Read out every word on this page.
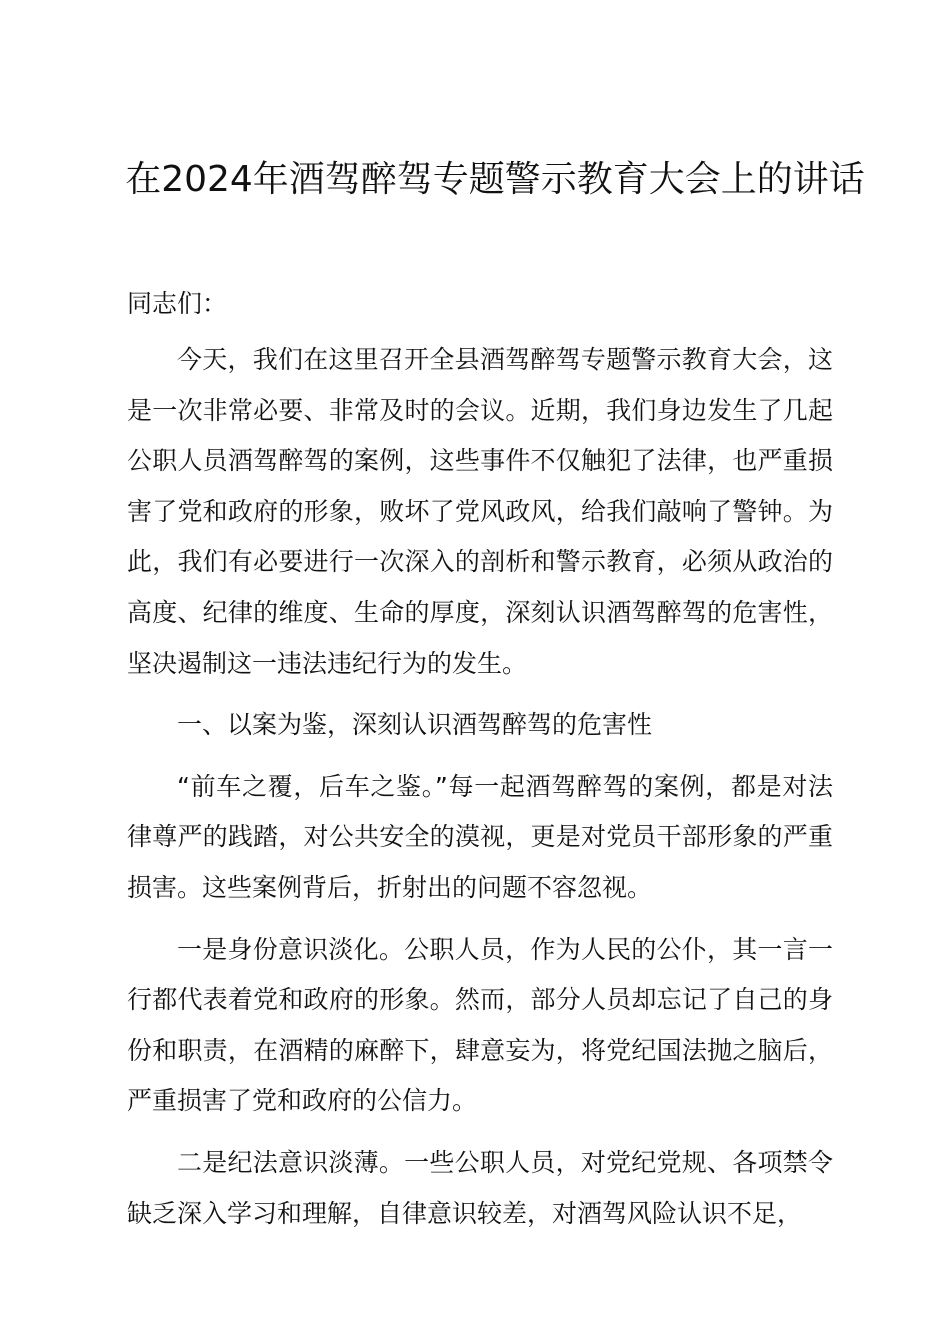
在2024年酒驾醉驾专题警示教育大会上的讲话

同志们：

今天，我们在这里召开全县酒驾醉驾专题警示教育大会，这是一次非常必要、非常及时的会议。近期，我们身边发生了几起公职人员酒驾醉驾的案例，这些事件不仅触犯了法律，也严重损害了党和政府的形象，败坏了党风政风，给我们敲响了警钟。为此，我们有必要进行一次深入的剖析和警示教育，必须从政治的高度、纪律的维度、生命的厚度，深刻认识酒驾醉驾的危害性，坚决遏制这一违法违纪行为的发生。

一、以案为鉴，深刻认识酒驾醉驾的危害性

“前车之覆，后车之鉴。”每一起酒驾醉驾的案例，都是对法律尊严的践踏，对公共安全的漠视，更是对党员干部形象的严重损害。这些案例背后，折射出的问题不容忽视。

一是身份意识淡化。公职人员，作为人民的公仆，其一言一行都代表着党和政府的形象。然而，部分人员却忘记了自己的身份和职责，在酒精的麻醉下，肆意妄为，将党纪国法抛之脑后，严重损害了党和政府的公信力。

二是纪法意识淡薄。一些公职人员，对党纪党规、各项禁令缺乏深入学习和理解，自律意识较差，对酒驾风险认识不足，
